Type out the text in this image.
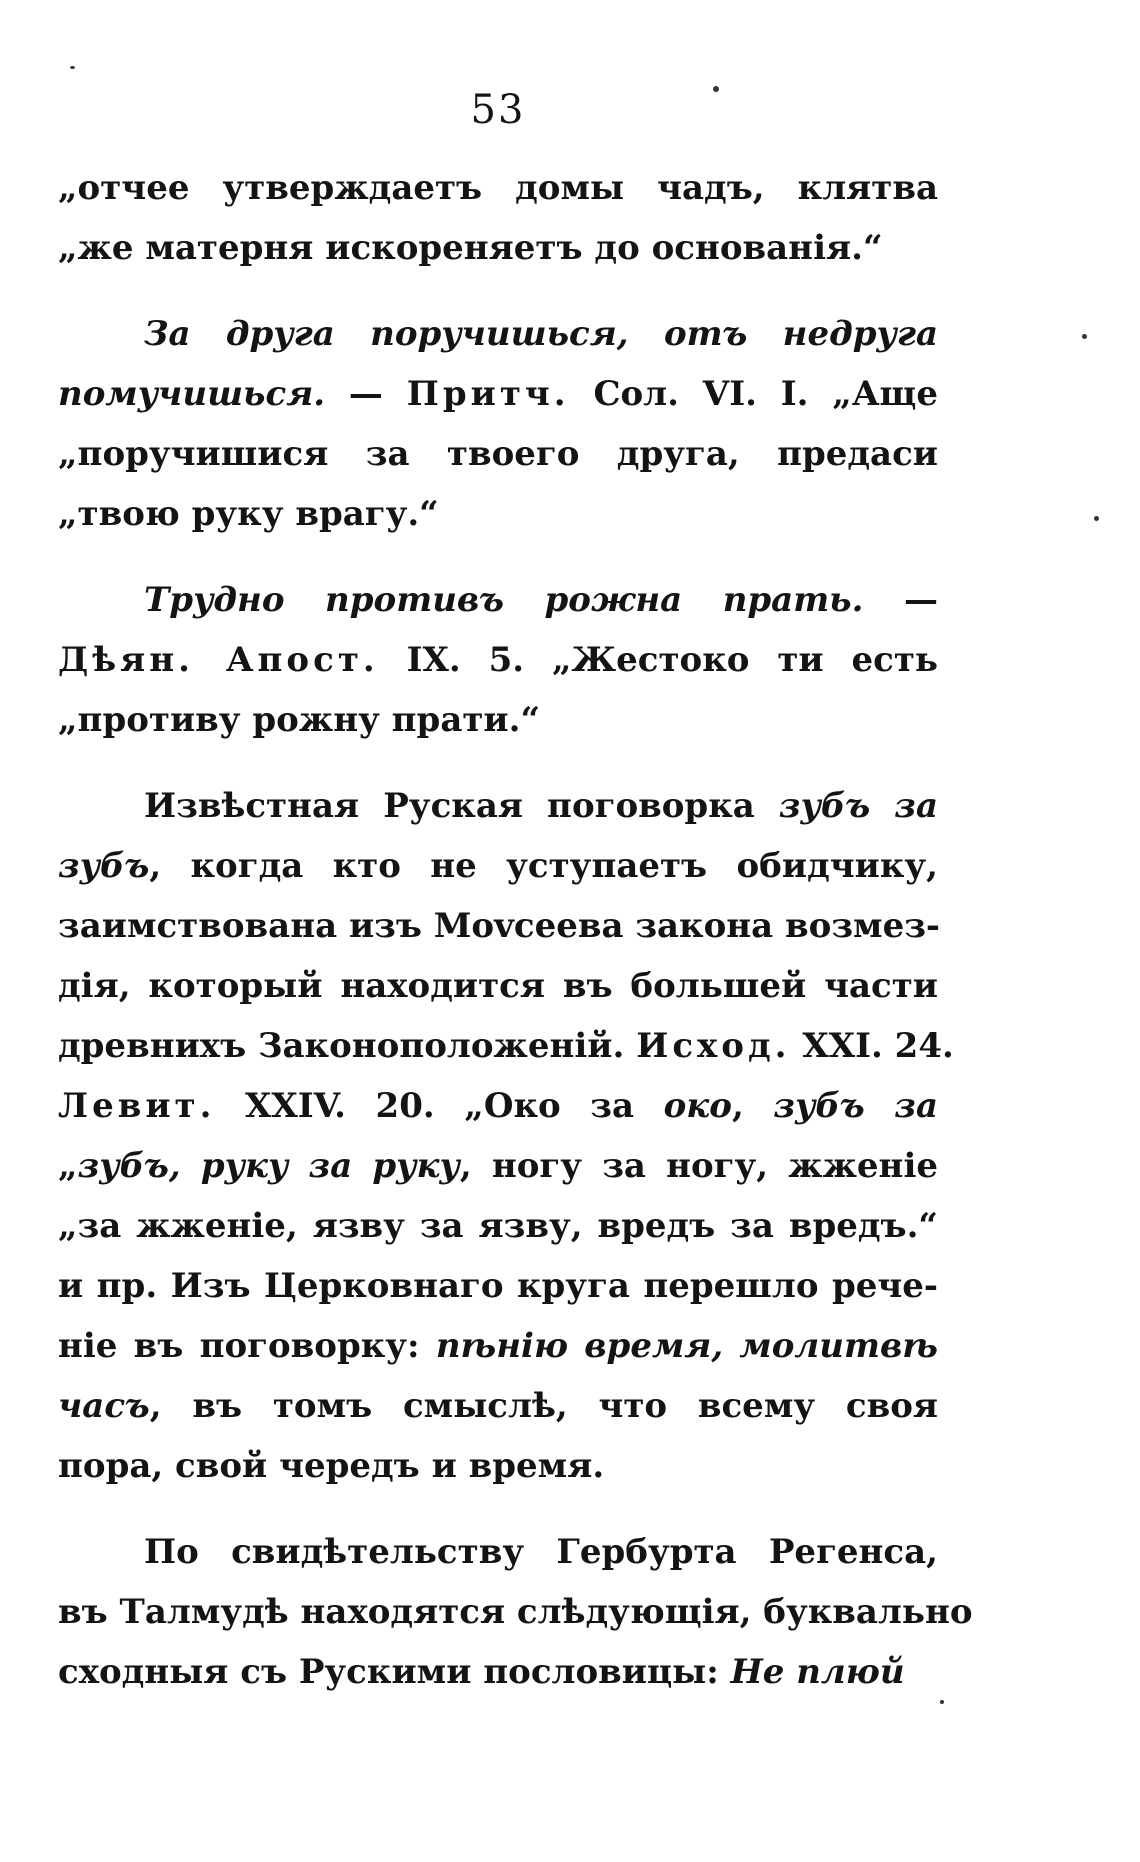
53
„отчее утверждаетъ домы чадъ, клятва
„же матерня искореняетъ до основанія.“
За друга поручишься, отъ недруга
помучишься. — Притч. Сол. VI. I. „Аще
„поручишися за твоего друга, предаси
„твою руку врагу.“
Трудно противъ рожна прать. —
Дѣян. Апост. IX. 5. „Жестоко ти есть
„противу рожну прати.“
Извѣстная Руская поговорка зубъ за
зубъ, когда кто не уступаетъ обидчику,
заимствована изъ Моvсеева закона возмез-
дія, который находится въ большей части
древнихъ Законоположеній. Исход. XXI. 24.
Левит. XXIV. 20. „Око за око, зубъ за
„зубъ, руку за руку, ногу за ногу, жженіе
„за жженіе, язву за язву, вредъ за вредъ.“
и пр. Изъ Церковнаго круга перешло рече-
ніе въ поговорку: пѣнію время, молитвѣ
часъ, въ томъ смыслѣ, что всему своя
пора, свой чередъ и время.
По свидѣтельству Гербурта Регенса,
въ Талмудѣ находятся слѣдующія, буквально
сходныя съ Рускими пословицы: Не плюй
